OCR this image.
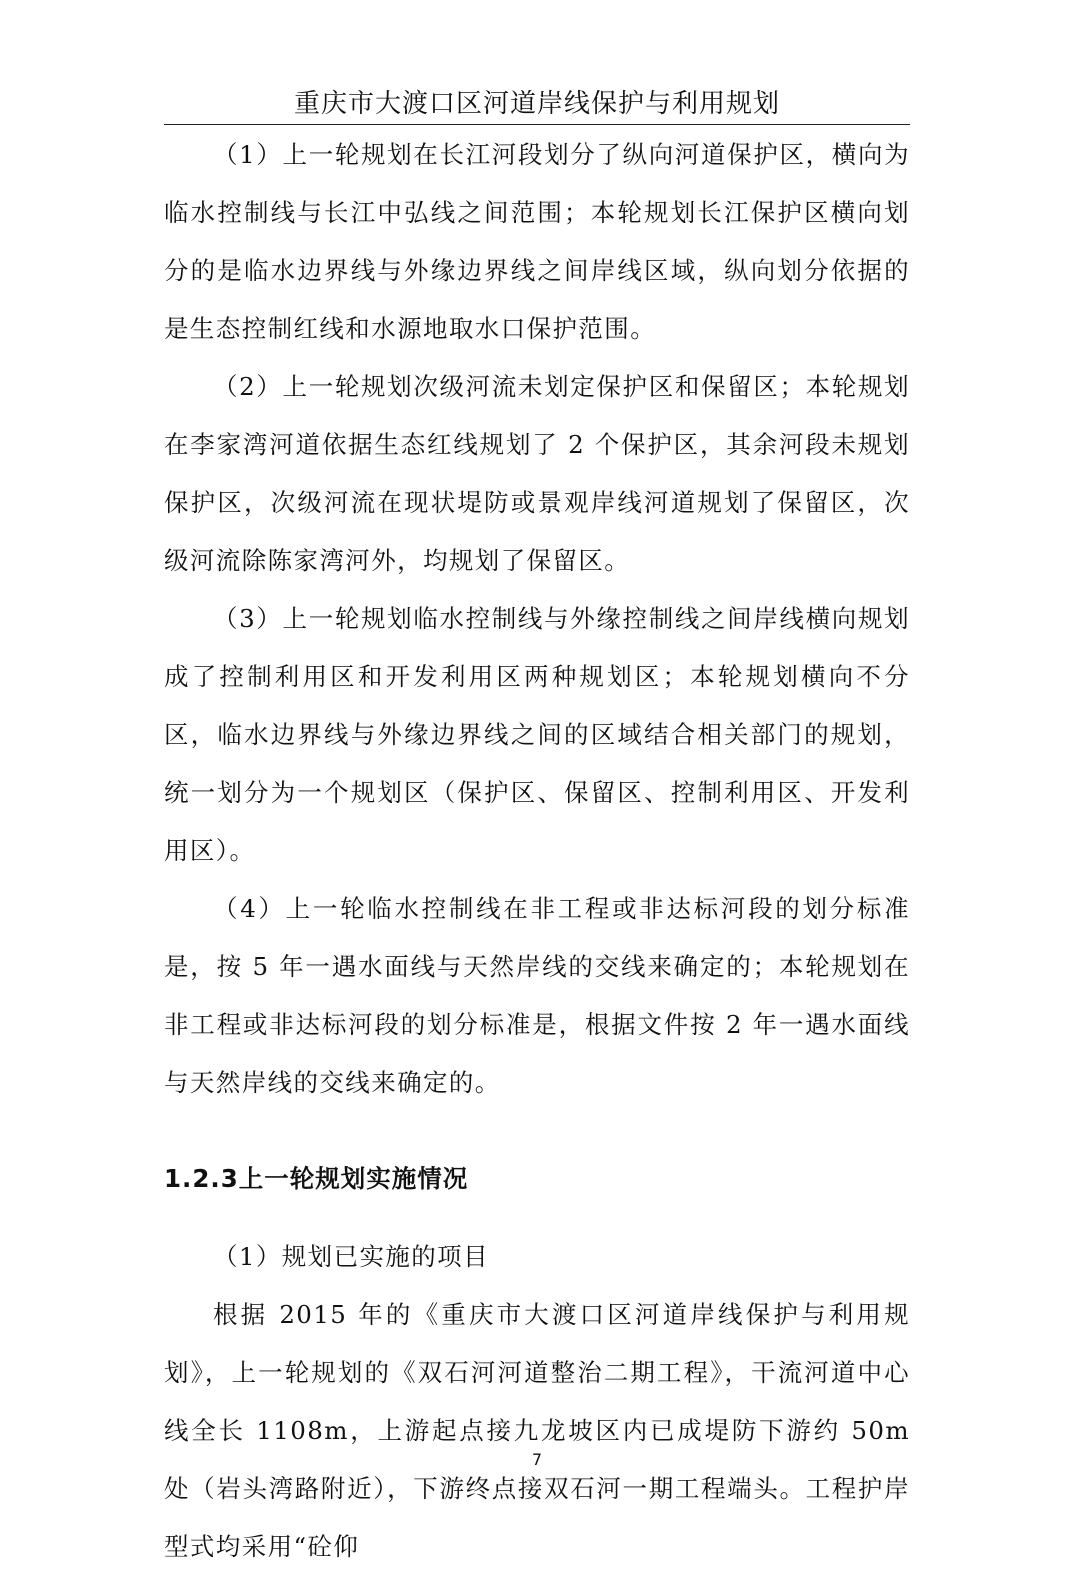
重庆市大渡口区河道岸线保护与利用规划

（1）上一轮规划在长江河段划分了纵向河道保护区，横向为临水控制线与长江中弘线之间范围；本轮规划长江保护区横向划分的是临水边界线与外缘边界线之间岸线区域，纵向划分依据的是生态控制红线和水源地取水口保护范围。

（2）上一轮规划次级河流未划定保护区和保留区；本轮规划在李家湾河道依据生态红线规划了 2 个保护区，其余河段未规划保护区，次级河流在现状堤防或景观岸线河道规划了保留区，次级河流除陈家湾河外，均规划了保留区。

（3）上一轮规划临水控制线与外缘控制线之间岸线横向规划成了控制利用区和开发利用区两种规划区；本轮规划横向不分区，临水边界线与外缘边界线之间的区域结合相关部门的规划，统一划分为一个规划区（保护区、保留区、控制利用区、开发利用区）。

（4）上一轮临水控制线在非工程或非达标河段的划分标准是，按 5 年一遇水面线与天然岸线的交线来确定的；本轮规划在非工程或非达标河段的划分标准是，根据文件按 2 年一遇水面线与天然岸线的交线来确定的。

1.2.3上一轮规划实施情况

（1）规划已实施的项目

根据 2015 年的《重庆市大渡口区河道岸线保护与利用规划》，上一轮规划的《双石河河道整治二期工程》，干流河道中心线全长 1108m，上游起点接九龙坡区内已成堤防下游约 50m 处（岩头湾路附近），下游终点接双石河一期工程端头。工程护岸型式均采用“砼仰

7
